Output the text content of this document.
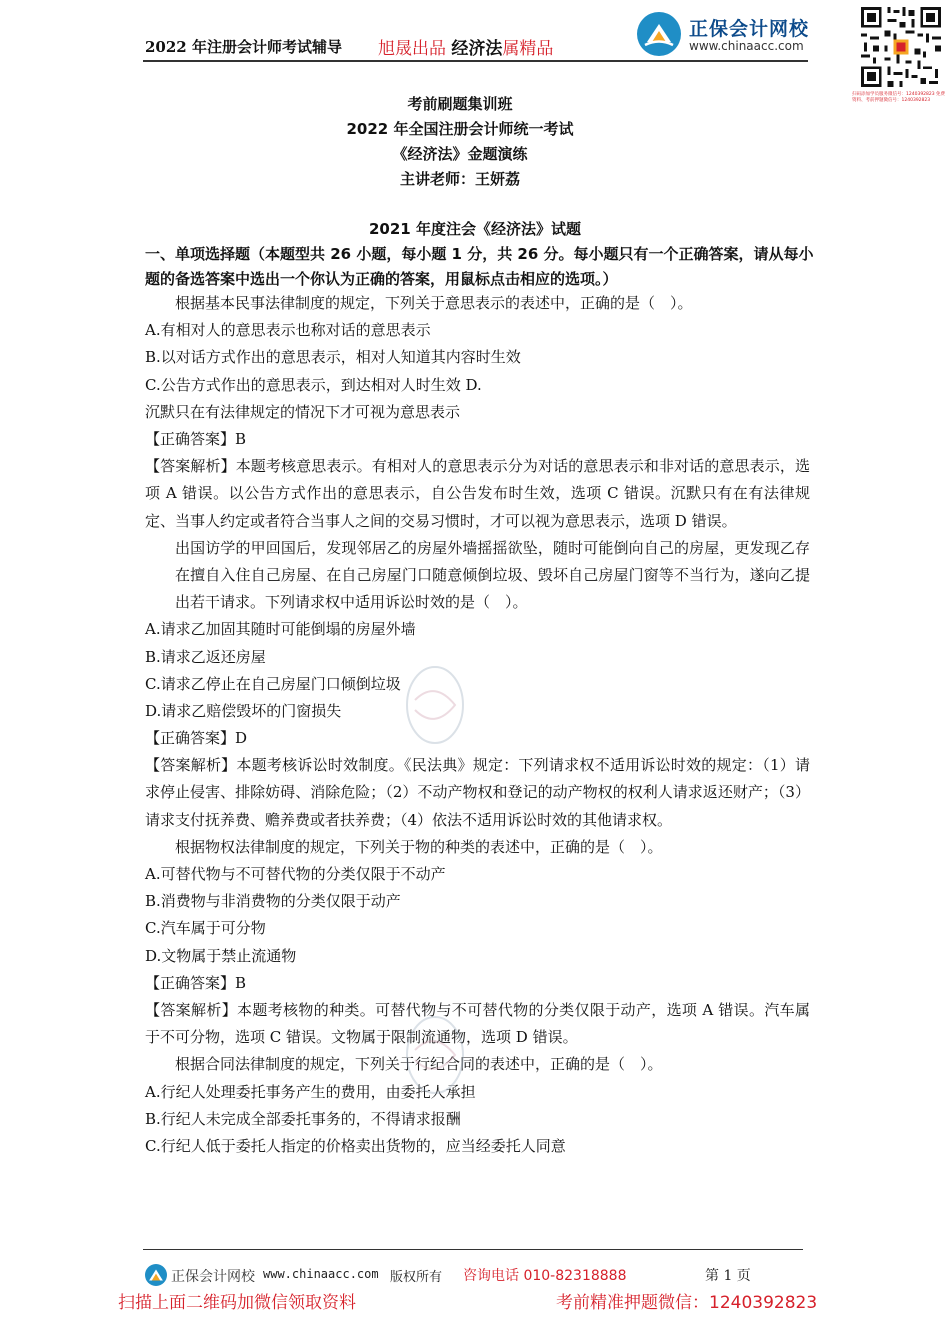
2022 年注册会计师考试辅导 旭晟出品 经济法属精品
正保会计网校
www.chinaacc.com
扫码添加学员服务微信号：1240392823 免费资料、考前押题微信号：1240392823
考前刷题集训班
2022 年全国注册会计师统一考试
《经济法》金题演练
主讲老师：王妍荔
2021 年度注会《经济法》试题
一、单项选择题（本题型共 26 小题，每小题 1 分，共 26 分。每小题只有一个正确答案，请从每小题的备选答案中选出一个你认为正确的答案，用鼠标点击相应的选项。）
根据基本民事法律制度的规定，下列关于意思表示的表述中，正确的是（　）。
A.有相对人的意思表示也称对话的意思表示
B.以对话方式作出的意思表示，相对人知道其内容时生效
C.公告方式作出的意思表示，到达相对人时生效 D.
沉默只在有法律规定的情况下才可视为意思表示
【正确答案】B
【答案解析】本题考核意思表示。有相对人的意思表示分为对话的意思表示和非对话的意思表示，选项 A 错误。以公告方式作出的意思表示，自公告发布时生效，选项 C 错误。沉默只有在有法律规定、当事人约定或者符合当事人之间的交易习惯时，才可以视为意思表示，选项 D 错误。
出国访学的甲回国后，发现邻居乙的房屋外墙摇摇欲坠，随时可能倒向自己的房屋，更发现乙存在擅自入住自己房屋、在自己房屋门口随意倾倒垃圾、毁坏自己房屋门窗等不当行为，遂向乙提出若干请求。下列请求权中适用诉讼时效的是（　）。
A.请求乙加固其随时可能倒塌的房屋外墙
B.请求乙返还房屋
C.请求乙停止在自己房屋门口倾倒垃圾
D.请求乙赔偿毁坏的门窗损失
【正确答案】D
【答案解析】本题考核诉讼时效制度。《民法典》规定：下列请求权不适用诉讼时效的规定：（1）请求停止侵害、排除妨碍、消除危险；（2）不动产物权和登记的动产物权的权利人请求返还财产；（3）请求支付抚养费、赡养费或者扶养费；（4）依法不适用诉讼时效的其他请求权。
根据物权法律制度的规定，下列关于物的种类的表述中，正确的是（　）。
A.可替代物与不可替代物的分类仅限于不动产
B.消费物与非消费物的分类仅限于动产
C.汽车属于可分物
D.文物属于禁止流通物
【正确答案】B
【答案解析】本题考核物的种类。可替代物与不可替代物的分类仅限于动产，选项 A 错误。汽车属于不可分物，选项 C 错误。文物属于限制流通物，选项 D 错误。
根据合同法律制度的规定，下列关于行纪合同的表述中，正确的是（　）。
A.行纪人处理委托事务产生的费用，由委托人承担
B.行纪人未完成全部委托事务的，不得请求报酬
C.行纪人低于委托人指定的价格卖出货物的，应当经委托人同意
正保会计网校 www.chinaacc.com 版权所有 咨询电话 010-82318888	第 1 页
扫描上面二维码加微信领取资料	考前精准押题微信：1240392823
